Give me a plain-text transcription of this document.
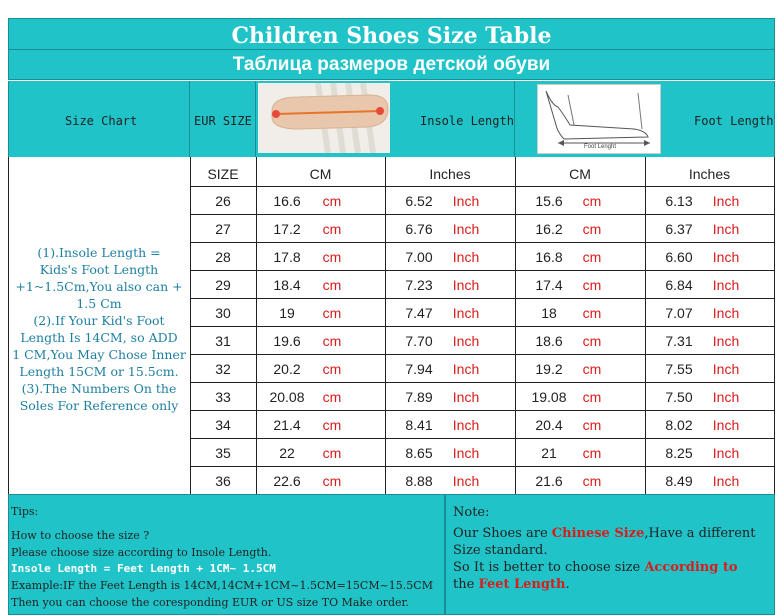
Children Shoes Size Table
Таблица размеров детской обуви
Size Chart	EUR SIZE	Insole Length
Foot Lenght
Foot Length
(1).Insole Length =
Kids's Foot Length
+1~1.5Cm,You also can +
1.5 Cm
(2).If Your Kid's Foot
Length Is 14CM, so ADD
1 CM,You May Chose Inner
Length 15CM or 15.5cm.
(3).The Numbers On the
Soles For Reference only
SIZE	CM	Inches	CM	Inches
26	16.6	cm	6.52	Inch	15.6	cm	6.13	Inch
27	17.2	cm	6.76	Inch	16.2	cm	6.37	Inch
28	17.8	cm	7.00	Inch	16.8	cm	6.60	Inch
29	18.4	cm	7.23	Inch	17.4	cm	6.84	Inch
30	19	cm	7.47	Inch	18	cm	7.07	Inch
31	19.6	cm	7.70	Inch	18.6	cm	7.31	Inch
32	20.2	cm	7.94	Inch	19.2	cm	7.55	Inch
33	20.08	cm	7.89	Inch	19.08	cm	7.50	Inch
34	21.4	cm	8.41	Inch	20.4	cm	8.02	Inch
35	22	cm	8.65	Inch	21	cm	8.25	Inch
36	22.6	cm	8.88	Inch	21.6	cm	8.49	Inch
Tips:
How to choose the size ?
Please choose size according to Insole Length.
Insole Length = Feet Length + 1CM~ 1.5CM
Example:IF the Feet Length is 14CM,14CM+1CM~1.5CM=15CM~15.5CM
Then you can choose the coresponding EUR or US size TO Make order.
Note:
Our Shoes are Chinese Size,Have a different
Size standard.
So It is better to choose size According to
the Feet Length.
